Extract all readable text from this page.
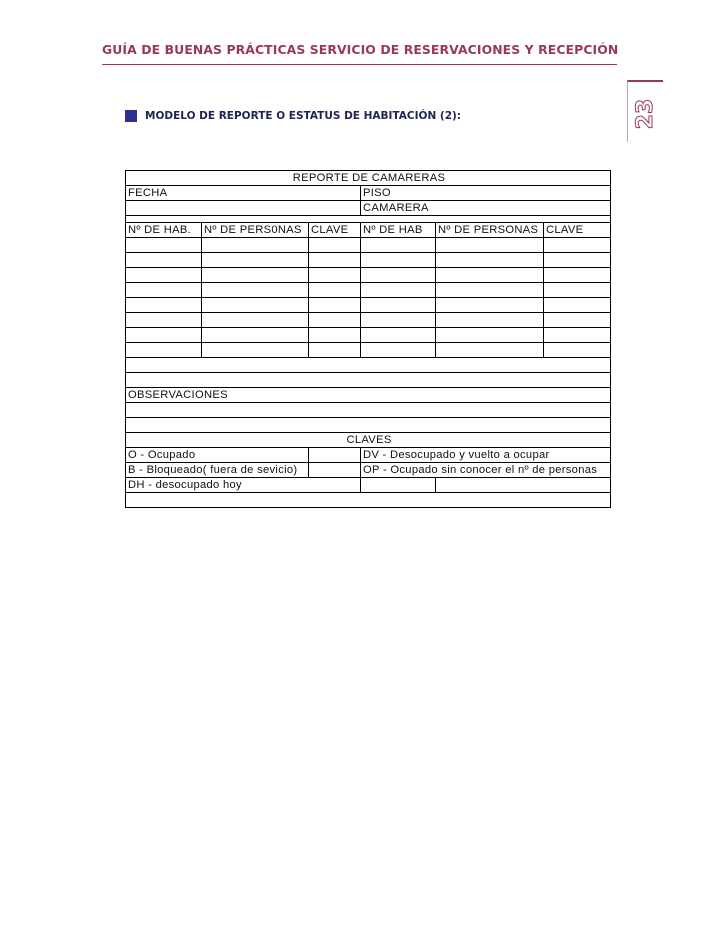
GUÍA DE BUENAS PRÁCTICAS SERVICIO DE RESERVACIONES Y RECEPCIÓN
23
MODELO DE REPORTE O ESTATUS DE HABITACIÓN (2):
REPORTE DE CAMARERAS					
FECHA			PISO		
			CAMARERA		

Nº DE HAB.	Nº DE PERS0NAS	CLAVE	Nº DE HAB	Nº DE PERSONAS	CLAVE

OBSERVACIONES					

CLAVES					
O - Ocupado			DV - Desocupado y vuelto a ocupar		
B - Bloqueado( fuera de sevicio)			OP - Ocupado sin conocer el nº de personas		
DH - desocupado hoy					
